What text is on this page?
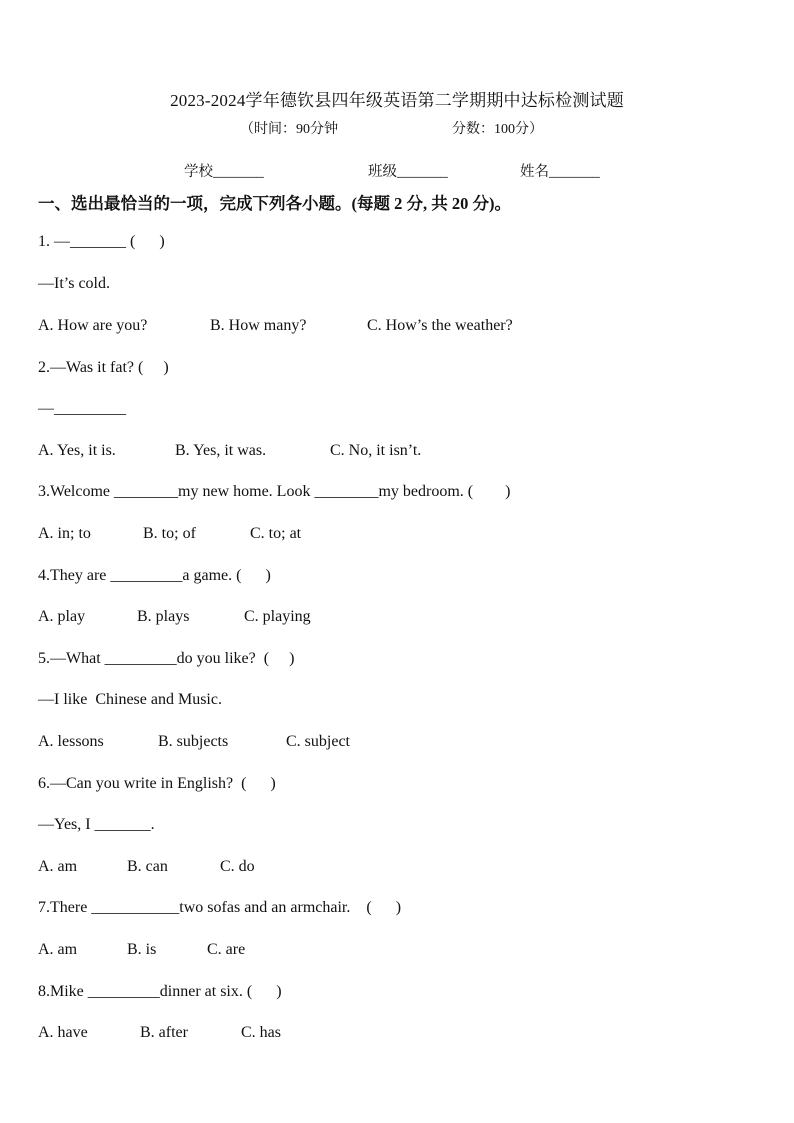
2023-2024学年德钦县四年级英语第二学期期中达标检测试题
（时间：90分钟	分数：100分）
学校_______	班级_______	姓名_______
一、选出最恰当的一项，完成下列各小题。(每题 2 分, 共 20 分)。
1. —_______ (      )
—It’s cold.

A. How are you?

	B. How many?

	C. How’s the weather?

2.—Was it fat? (     )
—_________

A. Yes, it is.

	B. Yes, it was.

	C. No, it isn’t.

3.Welcome ________my new home. Look ________my bedroom. (        )

A. in; to

	B. to; of

	C. to; at

4.They are _________a game. (      )

A. play

	B. plays

	C. playing

5.—What _________do you like?  (     )
—I like  Chinese and Music.

A. lessons

	B. subjects

	C. subject

6.—Can you write in English?  (      )
—Yes, I _______.

A. am

	B. can

	C. do

7.There ___________two sofas and an armchair.    (      )

A. am

	B. is

	C. are

8.Mike _________dinner at six. (      )

A. have

	B. after

	C. has
